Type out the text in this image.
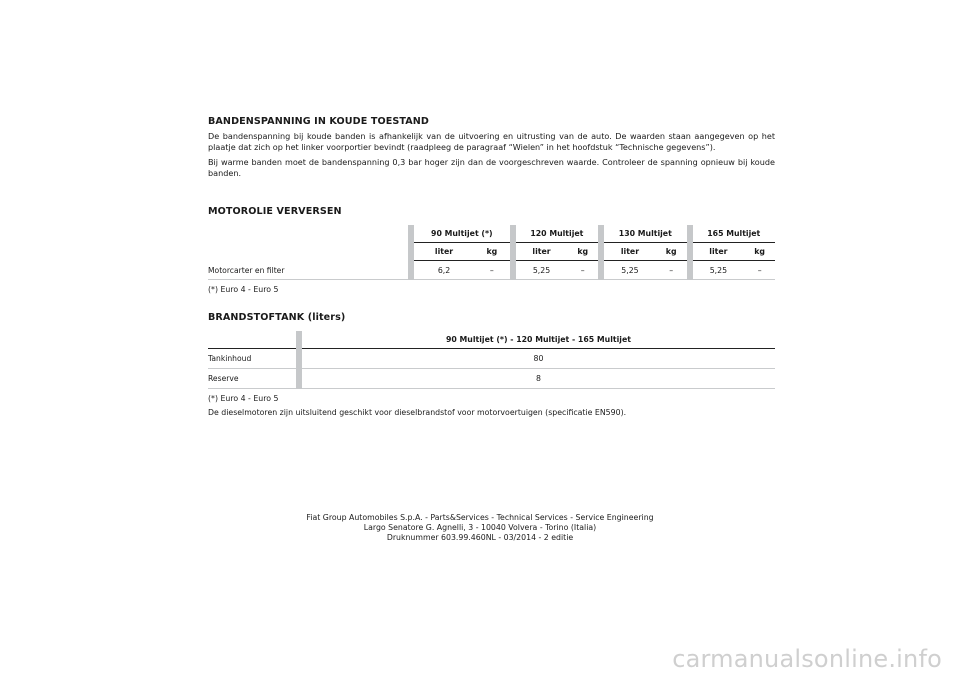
BANDENSPANNING IN KOUDE TOESTAND

De bandenspanning bij koude banden is afhankelijk van de uitvoering en uitrusting van de auto. De waarden staan aangegeven op het plaatje dat zich op het linker voorportier bevindt (raadpleeg de paragraaf “Wielen” in het hoofdstuk “Technische gegevens”).

Bij warme banden moet de bandenspanning 0,3 bar hoger zijn dan de voorgeschreven waarde. Controleer de spanning opnieuw bij koude banden.

MOTOROLIE VERVERSEN
		90 Multijet (*)			120 Multijet			130 Multijet			165 Multijet	
		liter	kg		liter	kg		liter	kg		liter	kg
Motorcarter en filter		6,2	–		5,25	–		5,25	–		5,25	–
(*) Euro 4 - Euro 5
BRANDSTOFTANK (liters)
		90 Multijet (*) - 120 Multijet - 165 Multijet
Tankinhoud		80
Reserve		8
(*) Euro 4 - Euro 5
De dieselmotoren zijn uitsluitend geschikt voor dieselbrandstof voor motorvoertuigen (specificatie EN590).
Fiat Group Automobiles S.p.A. - Parts&Services - Technical Services - Service Engineering
Largo Senatore G. Agnelli, 3 - 10040 Volvera - Torino (Italia)
Druknummer 603.99.460NL - 03/2014 - 2 editie
carmanualsonline.info
